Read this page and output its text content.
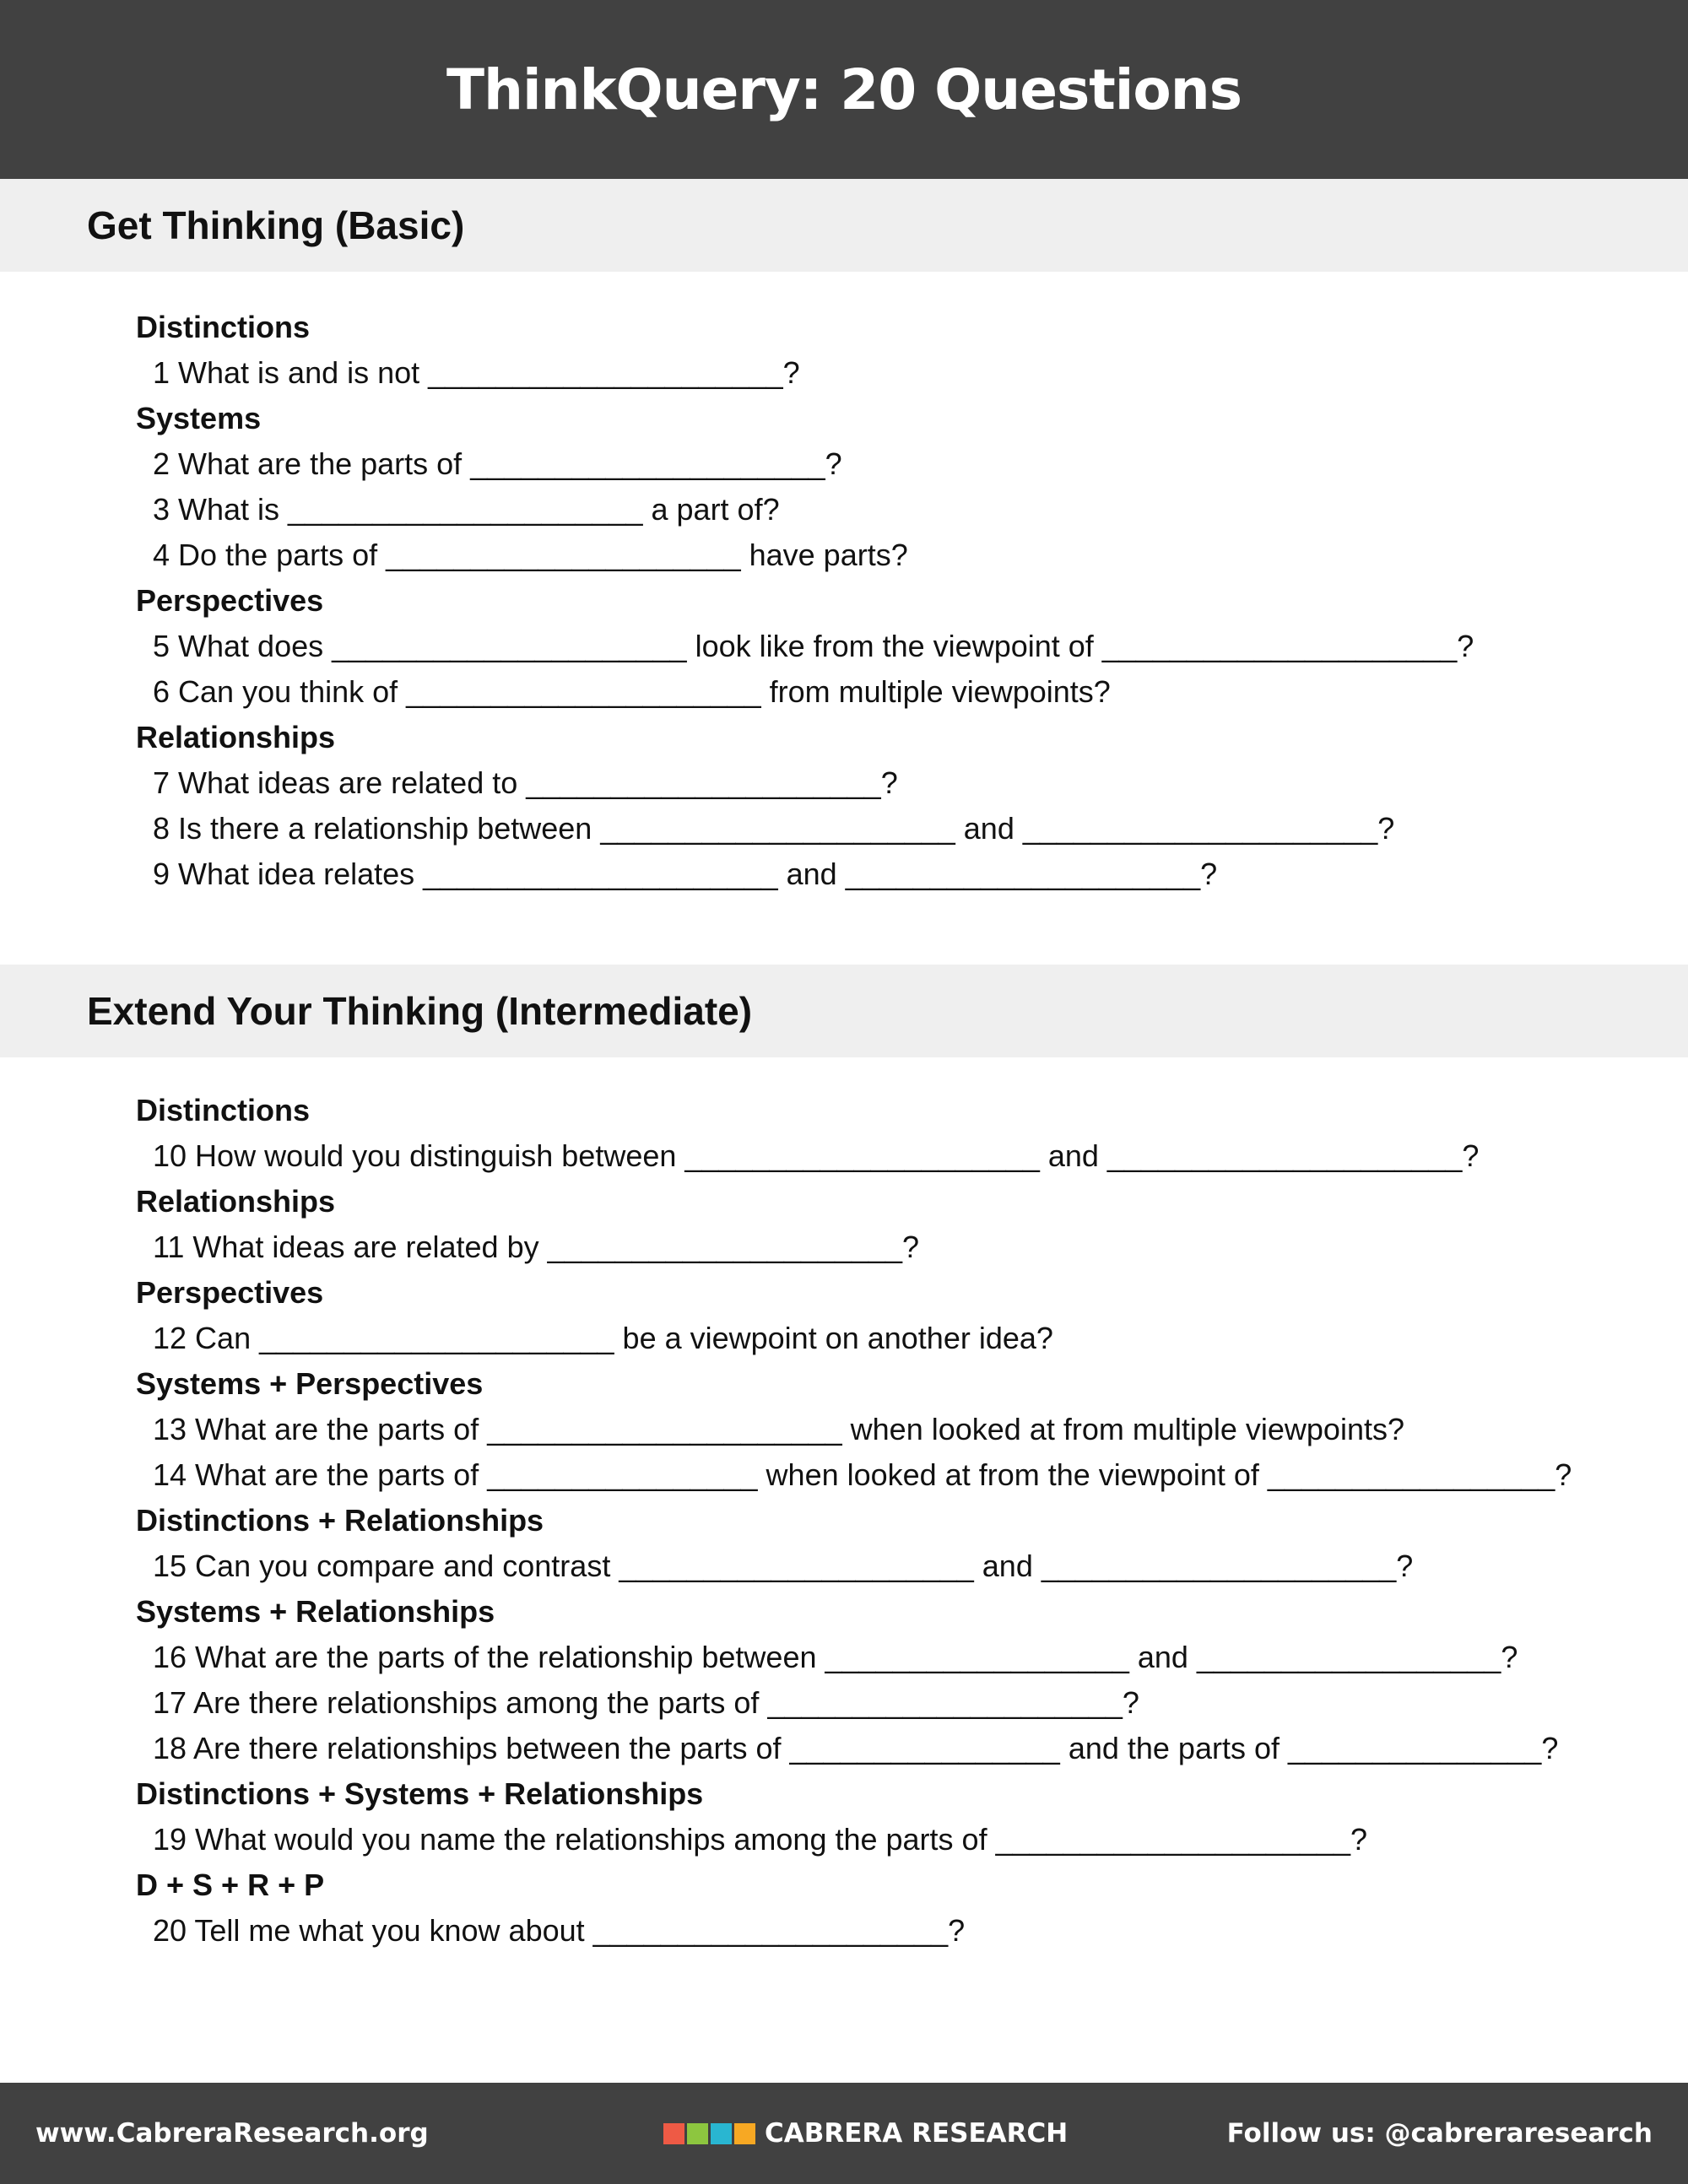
ThinkQuery: 20 Questions
Get Thinking (Basic)
Distinctions
1 What is and is not _____________________?
Systems
2 What are the parts of _____________________?
3 What is _____________________ a part of?
4 Do the parts of _____________________ have parts?
Perspectives
5 What does _____________________ look like from the viewpoint of _____________________?
6 Can you think of _____________________ from multiple viewpoints?
Relationships
7 What ideas are related to _____________________?
8 Is there a relationship between _____________________ and _____________________?
9 What idea relates _____________________ and _____________________?
Extend Your Thinking (Intermediate)
Distinctions
10 How would you distinguish between _____________________ and _____________________?
Relationships
11 What ideas are related by _____________________?
Perspectives
12 Can _____________________ be a viewpoint on another idea?
Systems + Perspectives
13 What are the parts of _____________________ when looked at from multiple viewpoints?
14 What are the parts of ________________ when looked at from the viewpoint of _________________?
Distinctions + Relationships
15 Can you compare and contrast _____________________ and _____________________?
Systems + Relationships
16 What are the parts of the relationship between __________________ and __________________?
17 Are there relationships among the parts of _____________________?
18 Are there relationships between the parts of ________________ and the parts of _______________?
Distinctions + Systems + Relationships
19 What would you name the relationships among the parts of _____________________?
D + S + R + P
20 Tell me what you know about _____________________?
www.CabreraResearch.org	CABRERA RESEARCH	Follow us: @cabreraresearch
